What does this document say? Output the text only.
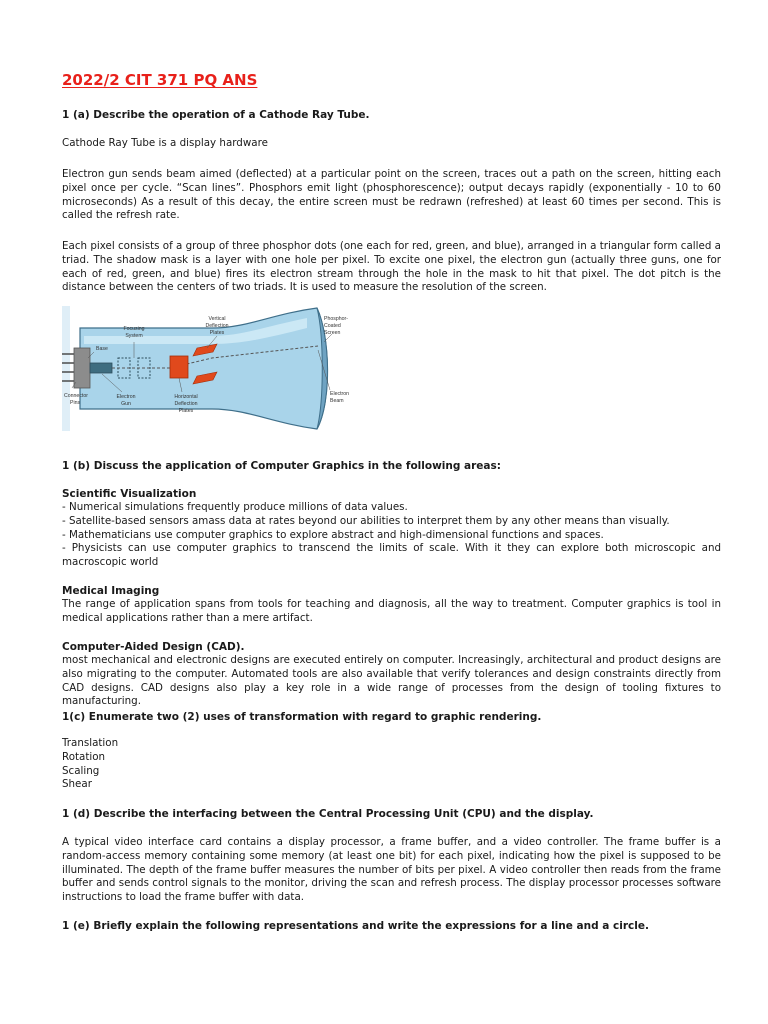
2022/2 CIT 371 PQ ANS

1 (a) Describe the operation of a Cathode Ray Tube.

Cathode Ray Tube is a display hardware

Electron gun sends beam aimed (deflected) at a particular point on the screen, traces out a path on the screen, hitting each pixel once per cycle. “Scan lines”. Phosphors emit light (phosphorescence); output decays rapidly (exponentially - 10 to 60 microseconds) As a result of this decay, the entire screen must be redrawn (refreshed) at least 60 times per second. This is called the refresh rate.

Each pixel consists of a group of three phosphor dots (one each for red, green, and blue), arranged in a triangular form called a triad. The shadow mask is a layer with one hole per pixel. To excite one pixel, the electron gun (actually three guns, one for each of red, green, and blue) fires its electron stream through the hole in the mask to hit that pixel. The dot pitch is the distance between the centers of two triads. It is used to measure the resolution of the screen.

Base
Focusing
System
Vertical
Deflection
Plates
Phosphor-
Coated
Screen
Connector
Pins
Electron
Gun
Horizontal
Deflection
Plates
Electron
Beam

1 (b) Discuss the application of Computer Graphics in the following areas:

Scientific Visualization

- Numerical simulations frequently produce millions of data values.
- Satellite-based sensors amass data at rates beyond our abilities to interpret them by any other means than visually.
- Mathematicians use computer graphics to explore abstract and high-dimensional functions and spaces.

- Physicists can use computer graphics to transcend the limits of scale. With it they can explore both microscopic and macroscopic world

Medical Imaging

The range of application spans from tools for teaching and diagnosis, all the way to treatment. Computer graphics is tool in medical applications rather than a mere artifact.

Computer-Aided Design (CAD).

most mechanical and electronic designs are executed entirely on computer. Increasingly, architectural and product designs are also migrating to the computer. Automated tools are also available that verify tolerances and design constraints directly from CAD designs. CAD designs also play a key role in a wide range of processes from the design of tooling fixtures to manufacturing.

1(c) Enumerate two (2) uses of transformation with regard to graphic rendering.

Translation
Rotation
Scaling
Shear

1 (d) Describe the interfacing between the Central Processing Unit (CPU) and the display.

A typical video interface card contains a display processor, a frame buffer, and a video controller. The frame buffer is a random-access memory containing some memory (at least one bit) for each pixel, indicating how the pixel is supposed to be illuminated. The depth of the frame buffer measures the number of bits per pixel. A video controller then reads from the frame buffer and sends control signals to the monitor, driving the scan and refresh process. The display processor processes software instructions to load the frame buffer with data.

1 (e) Briefly explain the following representations and write the expressions for a line and a circle.
